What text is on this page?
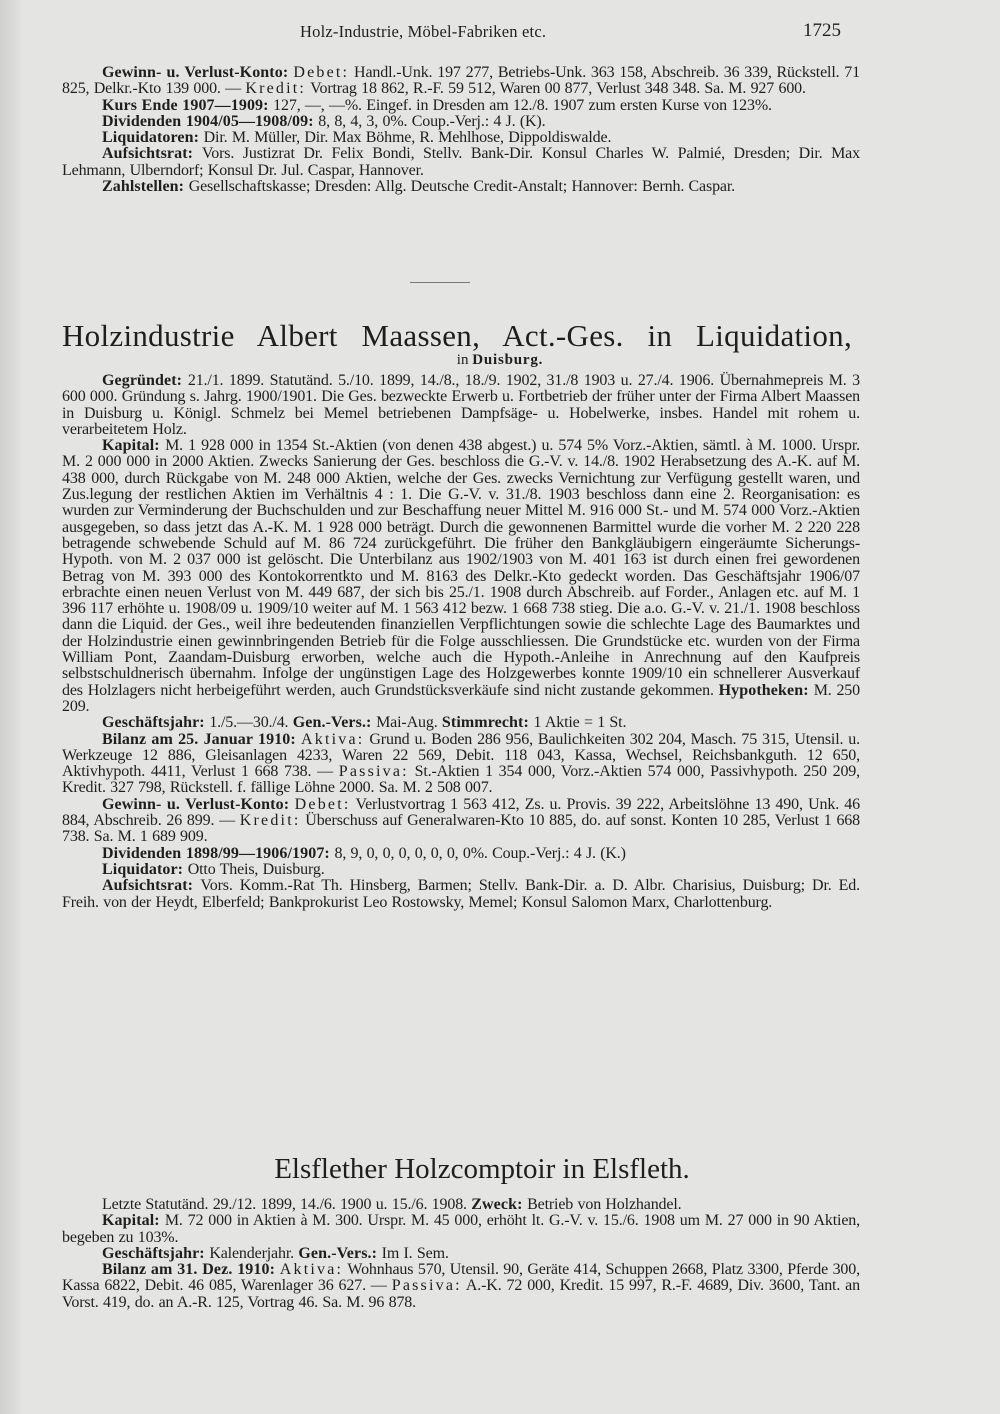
Holz-Industrie, Möbel-Fabriken etc.	1725

Gewinn- u. Verlust-Konto: Debet: Handl.-Unk. 197 277, Betriebs-Unk. 363 158, Abschreib. 36 339, Rückstell. 71 825, Delkr.-Kto 139 000. — Kredit: Vortrag 18 862, R.-F. 59 512, Waren 00 877, Verlust 348 348. Sa. M. 927 600.

Kurs Ende 1907—1909: 127, —, —%. Eingef. in Dresden am 12./8. 1907 zum ersten Kurse von 123%.

Dividenden 1904/05—1908/09: 8, 8, 4, 3, 0%. Coup.-Verj.: 4 J. (K).

Liquidatoren: Dir. M. Müller, Dir. Max Böhme, R. Mehlhose, Dippoldiswalde.

Aufsichtsrat: Vors. Justizrat Dr. Felix Bondi, Stellv. Bank-Dir. Konsul Charles W. Palmié, Dresden; Dir. Max Lehmann, Ulberndorf; Konsul Dr. Jul. Caspar, Hannover.

Zahlstellen: Gesellschaftskasse; Dresden: Allg. Deutsche Credit-Anstalt; Hannover: Bernh. Caspar.

Holzindustrie Albert Maassen, Act.-Ges. in Liquidation,
in Duisburg.

Gegründet: 21./1. 1899. Statutänd. 5./10. 1899, 14./8., 18./9. 1902, 31./8 1903 u. 27./4. 1906. Übernahmepreis M. 3 600 000. Gründung s. Jahrg. 1900/1901. Die Ges. bezweckte Erwerb u. Fortbetrieb der früher unter der Firma Albert Maassen in Duisburg u. Königl. Schmelz bei Memel betriebenen Dampfsäge- u. Hobelwerke, insbes. Handel mit rohem u. verarbeitetem Holz.

Kapital: M. 1 928 000 in 1354 St.-Aktien (von denen 438 abgest.) u. 574 5% Vorz.-Aktien, sämtl. à M. 1000. Urspr. M. 2 000 000 in 2000 Aktien. Zwecks Sanierung der Ges. beschloss die G.-V. v. 14./8. 1902 Herabsetzung des A.-K. auf M. 438 000, durch Rückgabe von M. 248 000 Aktien, welche der Ges. zwecks Vernichtung zur Verfügung gestellt waren, und Zus.legung der restlichen Aktien im Verhältnis 4 : 1. Die G.-V. v. 31./8. 1903 beschloss dann eine 2. Reorganisation: es wurden zur Verminderung der Buchschulden und zur Beschaffung neuer Mittel M. 916 000 St.- und M. 574 000 Vorz.-Aktien ausgegeben, so dass jetzt das A.-K. M. 1 928 000 beträgt. Durch die gewonnenen Barmittel wurde die vorher M. 2 220 228 betragende schwebende Schuld auf M. 86 724 zurückgeführt. Die früher den Bankgläubigern eingeräumte Sicherungs-Hypoth. von M. 2 037 000 ist gelöscht. Die Unterbilanz aus 1902/1903 von M. 401 163 ist durch einen frei gewordenen Betrag von M. 393 000 des Kontokorrentkto und M. 8163 des Delkr.-Kto gedeckt worden. Das Geschäftsjahr 1906/07 erbrachte einen neuen Verlust von M. 449 687, der sich bis 25./1. 1908 durch Abschreib. auf Forder., Anlagen etc. auf M. 1 396 117 erhöhte u. 1908/09 u. 1909/10 weiter auf M. 1 563 412 bezw. 1 668 738 stieg. Die a.o. G.-V. v. 21./1. 1908 beschloss dann die Liquid. der Ges., weil ihre bedeutenden finanziellen Verpflichtungen sowie die schlechte Lage des Baumarktes und der Holzindustrie einen gewinnbringenden Betrieb für die Folge ausschliessen. Die Grundstücke etc. wurden von der Firma William Pont, Zaandam-Duisburg erworben, welche auch die Hypoth.-Anleihe in Anrechnung auf den Kaufpreis selbstschuldnerisch übernahm. Infolge der ungünstigen Lage des Holzgewerbes konnte 1909/10 ein schnellerer Ausverkauf des Holzlagers nicht herbeigeführt werden, auch Grundstücksverkäufe sind nicht zustande gekommen. Hypotheken: M. 250 209.

Geschäftsjahr: 1./5.—30./4. Gen.-Vers.: Mai-Aug. Stimmrecht: 1 Aktie = 1 St.

Bilanz am 25. Januar 1910: Aktiva: Grund u. Boden 286 956, Baulichkeiten 302 204, Masch. 75 315, Utensil. u. Werkzeuge 12 886, Gleisanlagen 4233, Waren 22 569, Debit. 118 043, Kassa, Wechsel, Reichsbankguth. 12 650, Aktivhypoth. 4411, Verlust 1 668 738. — Passiva: St.-Aktien 1 354 000, Vorz.-Aktien 574 000, Passivhypoth. 250 209, Kredit. 327 798, Rückstell. f. fällige Löhne 2000. Sa. M. 2 508 007.

Gewinn- u. Verlust-Konto: Debet: Verlustvortrag 1 563 412, Zs. u. Provis. 39 222, Arbeitslöhne 13 490, Unk. 46 884, Abschreib. 26 899. — Kredit: Überschuss auf Generalwaren-Kto 10 885, do. auf sonst. Konten 10 285, Verlust 1 668 738. Sa. M. 1 689 909.

Dividenden 1898/99—1906/1907: 8, 9, 0, 0, 0, 0, 0, 0, 0%. Coup.-Verj.: 4 J. (K.)

Liquidator: Otto Theis, Duisburg.

Aufsichtsrat: Vors. Komm.-Rat Th. Hinsberg, Barmen; Stellv. Bank-Dir. a. D. Albr. Charisius, Duisburg; Dr. Ed. Freih. von der Heydt, Elberfeld; Bankprokurist Leo Rostowsky, Memel; Konsul Salomon Marx, Charlottenburg.

Elsflether Holzcomptoir in Elsfleth.

Letzte Statutänd. 29./12. 1899, 14./6. 1900 u. 15./6. 1908. Zweck: Betrieb von Holzhandel.

Kapital: M. 72 000 in Aktien à M. 300. Urspr. M. 45 000, erhöht lt. G.-V. v. 15./6. 1908 um M. 27 000 in 90 Aktien, begeben zu 103%.

Geschäftsjahr: Kalenderjahr. Gen.-Vers.: Im I. Sem.

Bilanz am 31. Dez. 1910: Aktiva: Wohnhaus 570, Utensil. 90, Geräte 414, Schuppen 2668, Platz 3300, Pferde 300, Kassa 6822, Debit. 46 085, Warenlager 36 627. — Passiva: A.-K. 72 000, Kredit. 15 997, R.-F. 4689, Div. 3600, Tant. an Vorst. 419, do. an A.-R. 125, Vortrag 46. Sa. M. 96 878.
